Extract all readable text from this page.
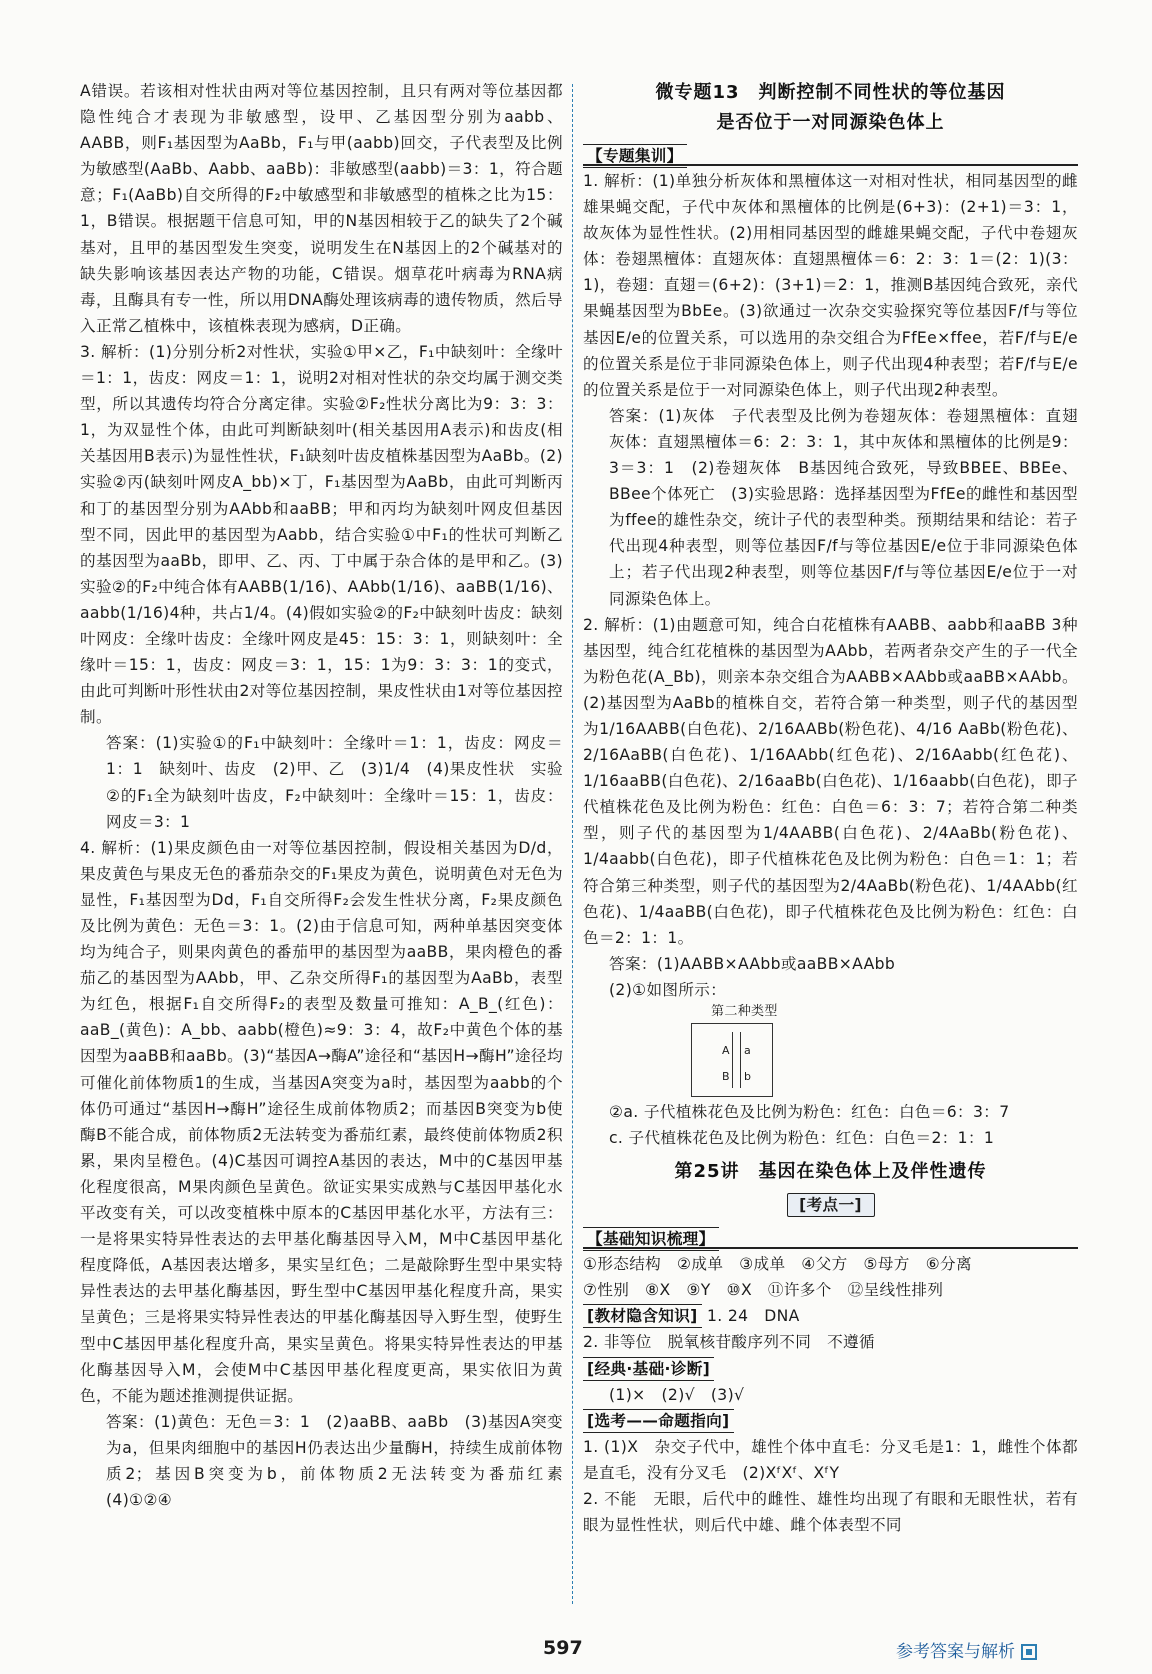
A错误。若该相对性状由两对等位基因控制，且只有两对等位基因都隐性纯合才表现为非敏感型，设甲、乙基因型分别为aabb、AABB，则F₁基因型为AaBb，F₁与甲(aabb)回交，子代表型及比例为敏感型(AaBb、Aabb、aaBb)：非敏感型(aabb)＝3：1，符合题意；F₁(AaBb)自交所得的F₂中敏感型和非敏感型的植株之比为15：1，B错误。根据题干信息可知，甲的N基因相较于乙的缺失了2个碱基对，且甲的基因型发生突变，说明发生在N基因上的2个碱基对的缺失影响该基因表达产物的功能，C错误。烟草花叶病毒为RNA病毒，且酶具有专一性，所以用DNA酶处理该病毒的遗传物质，然后导入正常乙植株中，该植株表现为感病，D正确。

3. 解析：(1)分别分析2对性状，实验①甲×乙，F₁中缺刻叶：全缘叶＝1：1，齿皮：网皮＝1：1，说明2对相对性状的杂交均属于测交类型，所以其遗传均符合分离定律。实验②F₂性状分离比为9：3：3：1，为双显性个体，由此可判断缺刻叶(相关基因用A表示)和齿皮(相关基因用B表示)为显性性状，F₁缺刻叶齿皮植株基因型为AaBb。(2)实验②丙(缺刻叶网皮A_bb)×丁，F₁基因型为AaBb，由此可判断丙和丁的基因型分别为AAbb和aaBB；甲和丙均为缺刻叶网皮但基因型不同，因此甲的基因型为Aabb，结合实验①中F₁的性状可判断乙的基因型为aaBb，即甲、乙、丙、丁中属于杂合体的是甲和乙。(3)实验②的F₂中纯合体有AABB(1/16)、AAbb(1/16)、aaBB(1/16)、aabb(1/16)4种，共占1/4。(4)假如实验②的F₂中缺刻叶齿皮：缺刻叶网皮：全缘叶齿皮：全缘叶网皮是45：15：3：1，则缺刻叶：全缘叶＝15：1，齿皮：网皮＝3：1，15：1为9：3：3：1的变式，由此可判断叶形性状由2对等位基因控制，果皮性状由1对等位基因控制。

答案：(1)实验①的F₁中缺刻叶：全缘叶＝1：1，齿皮：网皮＝1：1　缺刻叶、齿皮　(2)甲、乙　(3)1/4　(4)果皮性状　实验②的F₁全为缺刻叶齿皮，F₂中缺刻叶：全缘叶＝15：1，齿皮：网皮＝3：1

4. 解析：(1)果皮颜色由一对等位基因控制，假设相关基因为D/d，果皮黄色与果皮无色的番茄杂交的F₁果皮为黄色，说明黄色对无色为显性，F₁基因型为Dd，F₁自交所得F₂会发生性状分离，F₂果皮颜色及比例为黄色：无色＝3：1。(2)由于信息可知，两种单基因突变体均为纯合子，则果肉黄色的番茄甲的基因型为aaBB，果肉橙色的番茄乙的基因型为AAbb，甲、乙杂交所得F₁的基因型为AaBb，表型为红色，根据F₁自交所得F₂的表型及数量可推知：A_B_(红色)：aaB_(黄色)：A_bb、aabb(橙色)≈9：3：4，故F₂中黄色个体的基因型为aaBB和aaBb。(3)“基因A→酶A”途径和“基因H→酶H”途径均可催化前体物质1的生成，当基因A突变为a时，基因型为aabb的个体仍可通过“基因H→酶H”途径生成前体物质2；而基因B突变为b使酶B不能合成，前体物质2无法转变为番茄红素，最终使前体物质2积累，果肉呈橙色。(4)C基因可调控A基因的表达，M中的C基因甲基化程度很高，M果肉颜色呈黄色。欲证实果实成熟与C基因甲基化水平改变有关，可以改变植株中原本的C基因甲基化水平，方法有三：一是将果实特异性表达的去甲基化酶基因导入M，M中C基因甲基化程度降低，A基因表达增多，果实呈红色；二是敲除野生型中果实特异性表达的去甲基化酶基因，野生型中C基因甲基化程度升高，果实呈黄色；三是将果实特异性表达的甲基化酶基因导入野生型，使野生型中C基因甲基化程度升高，果实呈黄色。将果实特异性表达的甲基化酶基因导入M，会使M中C基因甲基化程度更高，果实依旧为黄色，不能为题述推测提供证据。

答案：(1)黄色：无色＝3：1　(2)aaBB、aaBb　(3)基因A突变为a，但果肉细胞中的基因H仍表达出少量酶H，持续生成前体物质2；基因B突变为b，前体物质2无法转变为番茄红素　(4)①②④

微专题13　判断控制不同性状的等位基因
是否位于一对同源染色体上
【专题集训】

1. 解析：(1)单独分析灰体和黑檀体这一对相对性状，相同基因型的雌雄果蝇交配，子代中灰体和黑檀体的比例是(6+3)：(2+1)＝3：1，故灰体为显性性状。(2)用相同基因型的雌雄果蝇交配，子代中卷翅灰体：卷翅黑檀体：直翅灰体：直翅黑檀体＝6：2：3：1＝(2：1)(3：1)，卷翅：直翅＝(6+2)：(3+1)＝2：1，推测B基因纯合致死，亲代果蝇基因型为BbEe。(3)欲通过一次杂交实验探究等位基因F/f与等位基因E/e的位置关系，可以选用的杂交组合为FfEe×ffee，若F/f与E/e的位置关系是位于非同源染色体上，则子代出现4种表型；若F/f与E/e的位置关系是位于一对同源染色体上，则子代出现2种表型。

答案：(1)灰体　子代表型及比例为卷翅灰体：卷翅黑檀体：直翅灰体：直翅黑檀体＝6：2：3：1，其中灰体和黑檀体的比例是9：3＝3：1　(2)卷翅灰体　B基因纯合致死，导致BBEE、BBEe、BBee个体死亡　(3)实验思路：选择基因型为FfEe的雌性和基因型为ffee的雄性杂交，统计子代的表型种类。预期结果和结论：若子代出现4种表型，则等位基因F/f与等位基因E/e位于非同源染色体上；若子代出现2种表型，则等位基因F/f与等位基因E/e位于一对同源染色体上。

2. 解析：(1)由题意可知，纯合白花植株有AABB、aabb和aaBB 3种基因型，纯合红花植株的基因型为AAbb，若两者杂交产生的子一代全为粉色花(A_Bb)，则亲本杂交组合为AABB×AAbb或aaBB×AAbb。(2)基因型为AaBb的植株自交，若符合第一种类型，则子代的基因型为1/16AABB(白色花)、2/16AABb(粉色花)、4/16 AaBb(粉色花)、2/16AaBB(白色花)、1/16AAbb(红色花)、2/16Aabb(红色花)、1/16aaBB(白色花)、2/16aaBb(白色花)、1/16aabb(白色花)，即子代植株花色及比例为粉色：红色：白色＝6：3：7；若符合第二种类型，则子代的基因型为1/4AABB(白色花)、2/4AaBb(粉色花)、1/4aabb(白色花)，即子代植株花色及比例为粉色：白色＝1：1；若符合第三种类型，则子代的基因型为2/4AaBb(粉色花)、1/4AAbb(红色花)、1/4aaBB(白色花)，即子代植株花色及比例为粉色：红色：白色＝2：1：1。

答案：(1)AABB×AAbb或aaBB×AAbb

(2)①如图所示：

第二种类型
A a
B b

②a. 子代植株花色及比例为粉色：红色：白色＝6：3：7

c. 子代植株花色及比例为粉色：红色：白色＝2：1：1

第25讲　基因在染色体上及伴性遗传
[考点一]
【基础知识梳理】

①形态结构　②成单　③成单　④父方　⑤母方　⑥分离

⑦性别　⑧X　⑨Y　⑩X　⑪许多个　⑫呈线性排列

[教材隐含知识] 1. 24　DNA

2. 非等位　脱氧核苷酸序列不同　不遵循

[经典·基础·诊断]

(1)×　(2)√　(3)√

[选考——命题指向]

1. (1)X　杂交子代中，雄性个体中直毛：分叉毛是1：1，雌性个体都是直毛，没有分叉毛　(2)XᶠXᶠ、XᶠY

2. 不能　无眼，后代中的雌性、雄性均出现了有眼和无眼性状，若有眼为显性性状，则后代中雄、雌个体表型不同

597	参考答案与解析
